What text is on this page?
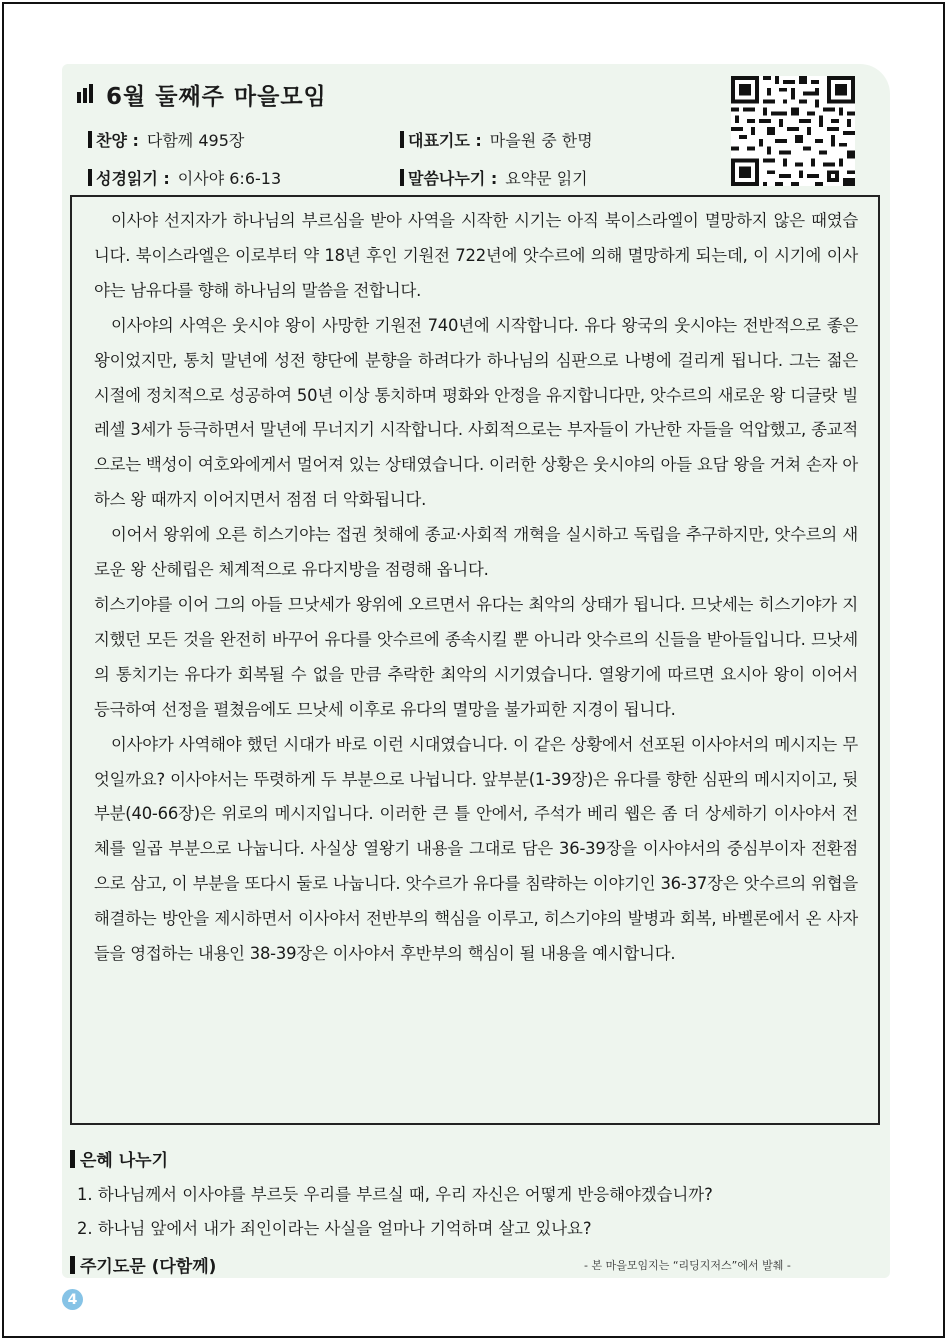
6월 둘째주 마을모임
찬양 : 다함께 495장	대표기도 : 마을원 중 한명
성경읽기 : 이사야 6:6-13	말씀나누기 : 요약문 읽기

이사야 선지자가 하나님의 부르심을 받아 사역을 시작한 시기는 아직 북이스라엘이 멸망하지 않은 때였습니다. 북이스라엘은 이로부터 약 18년 후인 기원전 722년에 앗수르에 의해 멸망하게 되는데, 이 시기에 이사야는 남유다를 향해 하나님의 말씀을 전합니다.

이사야의 사역은 웃시야 왕이 사망한 기원전 740년에 시작합니다. 유다 왕국의 웃시야는 전반적으로 좋은 왕이었지만, 통치 말년에 성전 향단에 분향을 하려다가 하나님의 심판으로 나병에 걸리게 됩니다. 그는 젊은 시절에 정치적으로 성공하여 50년 이상 통치하며 평화와 안정을 유지합니다만, 앗수르의 새로운 왕 디글랏 빌레셀 3세가 등극하면서 말년에 무너지기 시작합니다. 사회적으로는 부자들이 가난한 자들을 억압했고, 종교적으로는 백성이 여호와에게서 멀어져 있는 상태였습니다. 이러한 상황은 웃시야의 아들 요담 왕을 거쳐 손자 아하스 왕 때까지 이어지면서 점점 더 악화됩니다.

이어서 왕위에 오른 히스기야는 접권 첫해에 종교·사회적 개혁을 실시하고 독립을 추구하지만, 앗수르의 새로운 왕 산헤립은 체계적으로 유다지방을 점령해 옵니다.

히스기야를 이어 그의 아들 므낫세가 왕위에 오르면서 유다는 최악의 상태가 됩니다. 므낫세는 히스기야가 지지했던 모든 것을 완전히 바꾸어 유다를 앗수르에 종속시킬 뿐 아니라 앗수르의 신들을 받아들입니다. 므낫세의 통치기는 유다가 회복될 수 없을 만큼 추락한 최악의 시기였습니다. 열왕기에 따르면 요시아 왕이 이어서 등극하여 선정을 펼쳤음에도 므낫세 이후로 유다의 멸망을 불가피한 지경이 됩니다.

이사야가 사역해야 했던 시대가 바로 이런 시대였습니다. 이 같은 상황에서 선포된 이사야서의 메시지는 무엇일까요? 이사야서는 뚜렷하게 두 부분으로 나뉩니다. 앞부분(1-39장)은 유다를 향한 심판의 메시지이고, 뒷부분(40-66장)은 위로의 메시지입니다. 이러한 큰 틀 안에서, 주석가 베리 웹은 좀 더 상세하기 이사야서 전체를 일곱 부분으로 나눕니다. 사실상 열왕기 내용을 그대로 담은 36-39장을 이사야서의 중심부이자 전환점으로 삼고, 이 부분을 또다시 둘로 나눕니다. 앗수르가 유다를 침략하는 이야기인 36-37장은 앗수르의 위협을 해결하는 방안을 제시하면서 이사야서 전반부의 핵심을 이루고, 히스기야의 발병과 회복, 바벨론에서 온 사자들을 영접하는 내용인 38-39장은 이사야서 후반부의 핵심이 될 내용을 예시합니다.

은혜 나누기
1. 하나님께서 이사야를 부르듯 우리를 부르실 때, 우리 자신은 어떻게 반응해야겠습니까?
2. 하나님 앞에서 내가 죄인이라는 사실을 얼마나 기억하며 살고 있나요?
주기도문 (다함께)	- 본 마을모임지는 “리딩지저스”에서 발췌 -
4
